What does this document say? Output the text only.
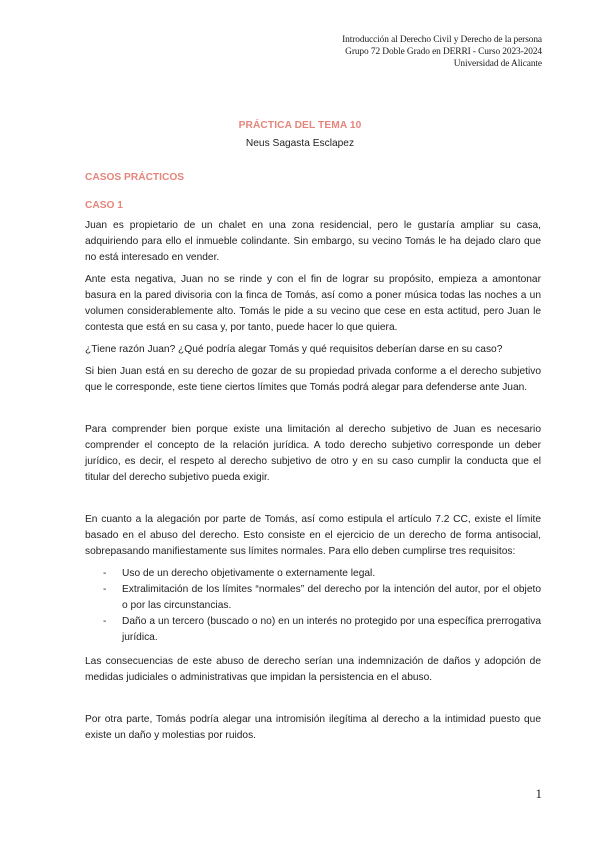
Introducción al Derecho Civil y Derecho de la persona
Grupo 72 Doble Grado en DERRI - Curso 2023-2024
Universidad de Alicante
PRÁCTICA DEL TEMA 10
Neus Sagasta Esclapez
CASOS PRÁCTICOS
CASO 1

Juan es propietario de un chalet en una zona residencial, pero le gustaría ampliar su casa, adquiriendo para ello el inmueble colindante. Sin embargo, su vecino Tomás le ha dejado claro que no está interesado en vender.

Ante esta negativa, Juan no se rinde y con el fin de lograr su propósito, empieza a amontonar basura en la pared divisoria con la finca de Tomás, así como a poner música todas las noches a un volumen considerablemente alto. Tomás le pide a su vecino que cese en esta actitud, pero Juan le contesta que está en su casa y, por tanto, puede hacer lo que quiera.

¿Tiene razón Juan? ¿Qué podría alegar Tomás y qué requisitos deberían darse en su caso?

Si bien Juan está en su derecho de gozar de su propiedad privada conforme a el derecho subjetivo que le corresponde, este tiene ciertos límites que Tomás podrá alegar para defenderse ante Juan.

Para comprender bien porque existe una limitación al derecho subjetivo de Juan es necesario comprender el concepto de la relación jurídica. A todo derecho subjetivo corresponde un deber jurídico, es decir, el respeto al derecho subjetivo de otro y en su caso cumplir la conducta que el titular del derecho subjetivo pueda exigir.

En cuanto a la alegación por parte de Tomás, así como estipula el artículo 7.2 CC, existe el límite basado en el abuso del derecho. Esto consiste en el ejercicio de un derecho de forma antisocial, sobrepasando manifiestamente sus límites normales. Para ello deben cumplirse tres requisitos:

- Uso de un derecho objetivamente o externamente legal.
- Extralimitación de los límites “normales” del derecho por la intención del autor, por el objeto o por las circunstancias.
- Daño a un tercero (buscado o no) en un interés no protegido por una específica prerrogativa jurídica.

Las consecuencias de este abuso de derecho serían una indemnización de daños y adopción de medidas judiciales o administrativas que impidan la persistencia en el abuso.

Por otra parte, Tomás podría alegar una intromisión ilegítima al derecho a la intimidad puesto que existe un daño y molestias por ruidos.

1
